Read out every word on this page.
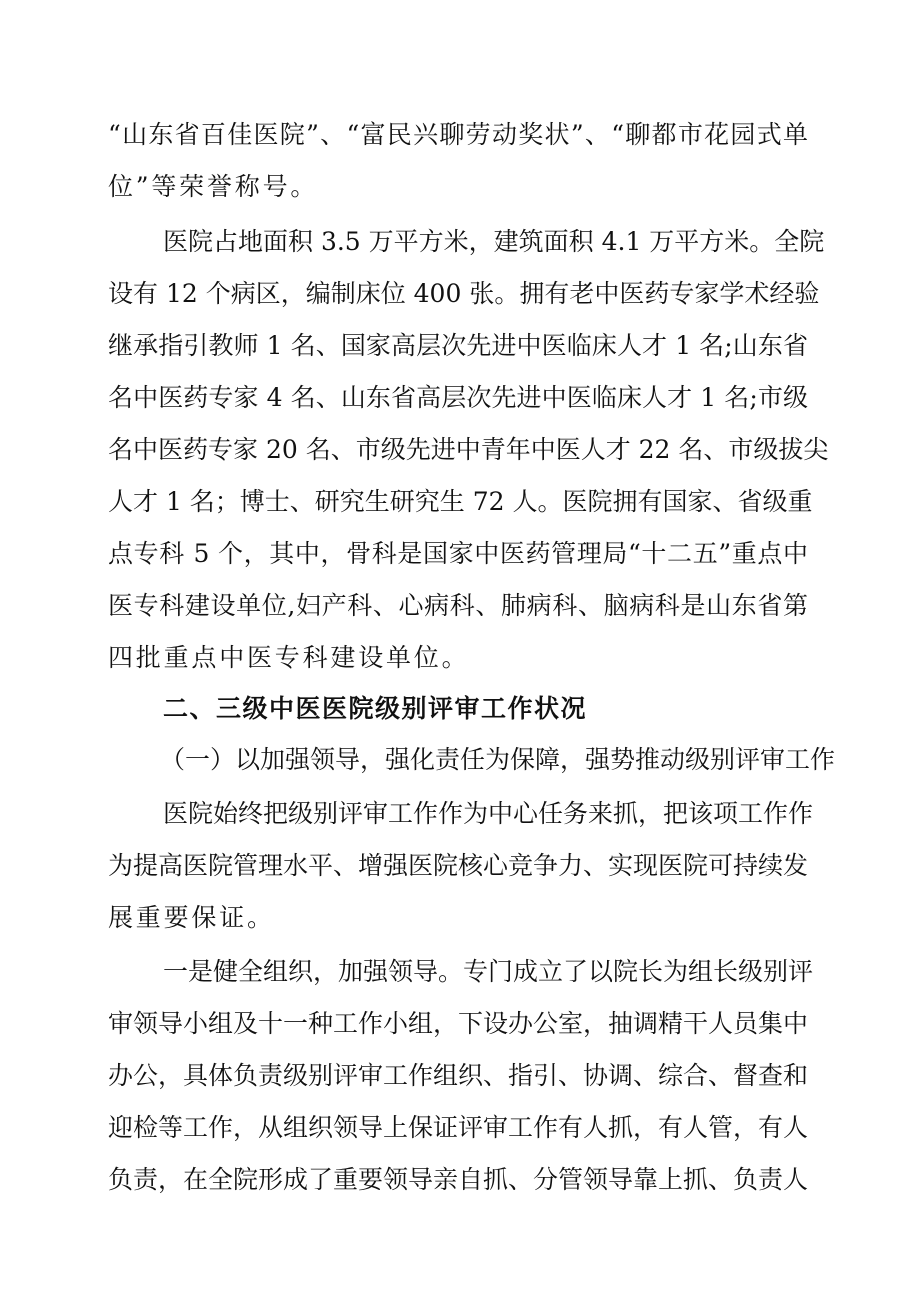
“山东省百佳医院”、“富民兴聊劳动奖状”、“聊都市花园式单
位”等荣誉称号。
医院占地面积 3.5 万平方米，建筑面积 4.1 万平方米。全院
设有 12 个病区，编制床位 400 张。拥有老中医药专家学术经验
继承指引教师 1 名、国家高层次先进中医临床人才 1 名;山东省
名中医药专家 4 名、山东省高层次先进中医临床人才 1 名;市级
名中医药专家 20 名、市级先进中青年中医人才 22 名、市级拔尖
人才 1 名；博士、研究生研究生 72 人。医院拥有国家、省级重
点专科 5 个，其中，骨科是国家中医药管理局“十二五”重点中
医专科建设单位,妇产科、心病科、肺病科、脑病科是山东省第
四批重点中医专科建设单位。
二、三级中医医院级别评审工作状况
（一）以加强领导，强化责任为保障，强势推动级别评审工作
医院始终把级别评审工作作为中心任务来抓，把该项工作作
为提高医院管理水平、增强医院核心竞争力、实现医院可持续发
展重要保证。
一是健全组织，加强领导。专门成立了以院长为组长级别评
审领导小组及十一种工作小组，下设办公室，抽调精干人员集中
办公，具体负责级别评审工作组织、指引、协调、综合、督查和
迎检等工作，从组织领导上保证评审工作有人抓，有人管，有人
负责，在全院形成了重要领导亲自抓、分管领导靠上抓、负责人
